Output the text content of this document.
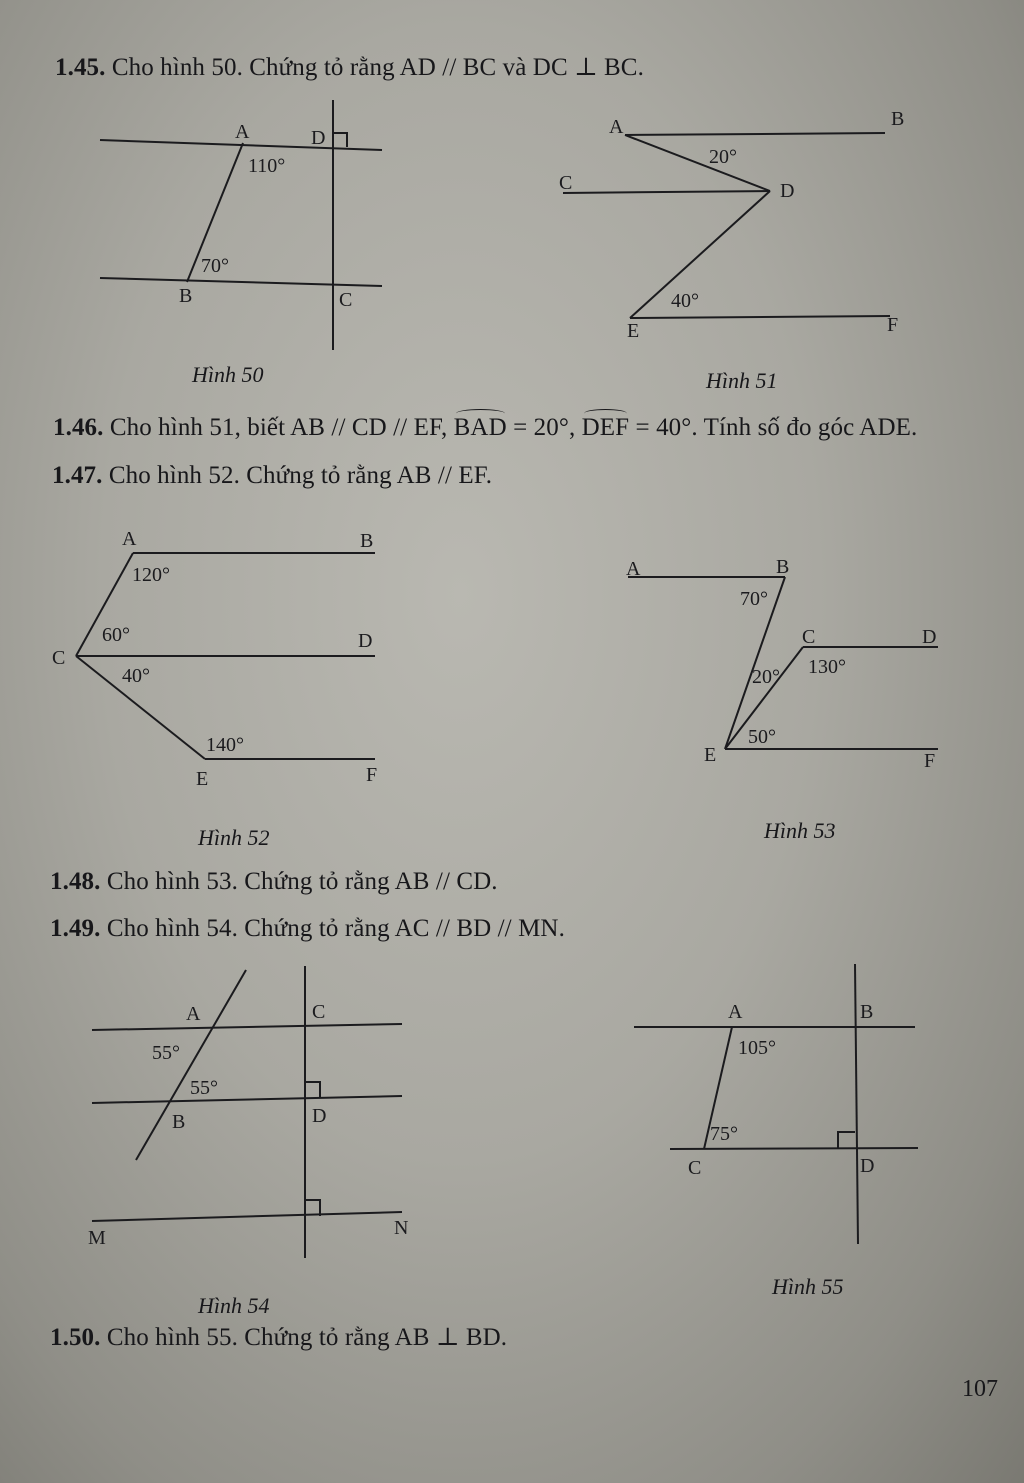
1.45. Cho hình 50. Chứng tỏ rằng AD // BC và DC ⊥ BC.
A	D
B	C
110°
70°
Hình 50
A	B
C	D
E	F
20°
40°
Hình 51
1.46. Cho hình 51, biết AB // CD // EF, BAD = 20°, DEF = 40°. Tính số đo góc ADE.
1.47. Cho hình 52. Chứng tỏ rằng AB // EF.
A	B
C
D
E	F
120°
60°
40°
140°
Hình 52
A	B
C	D
E	F
70°
20° 130°
50°
Hình 53
1.48. Cho hình 53. Chứng tỏ rằng AB // CD.
1.49. Cho hình 54. Chứng tỏ rằng AC // BD // MN.
A	C
B	D
M	N
55°
55°
Hình 54
A	B
C	D
105°
75°
Hình 55
1.50. Cho hình 55. Chứng tỏ rằng AB ⊥ BD.
107
